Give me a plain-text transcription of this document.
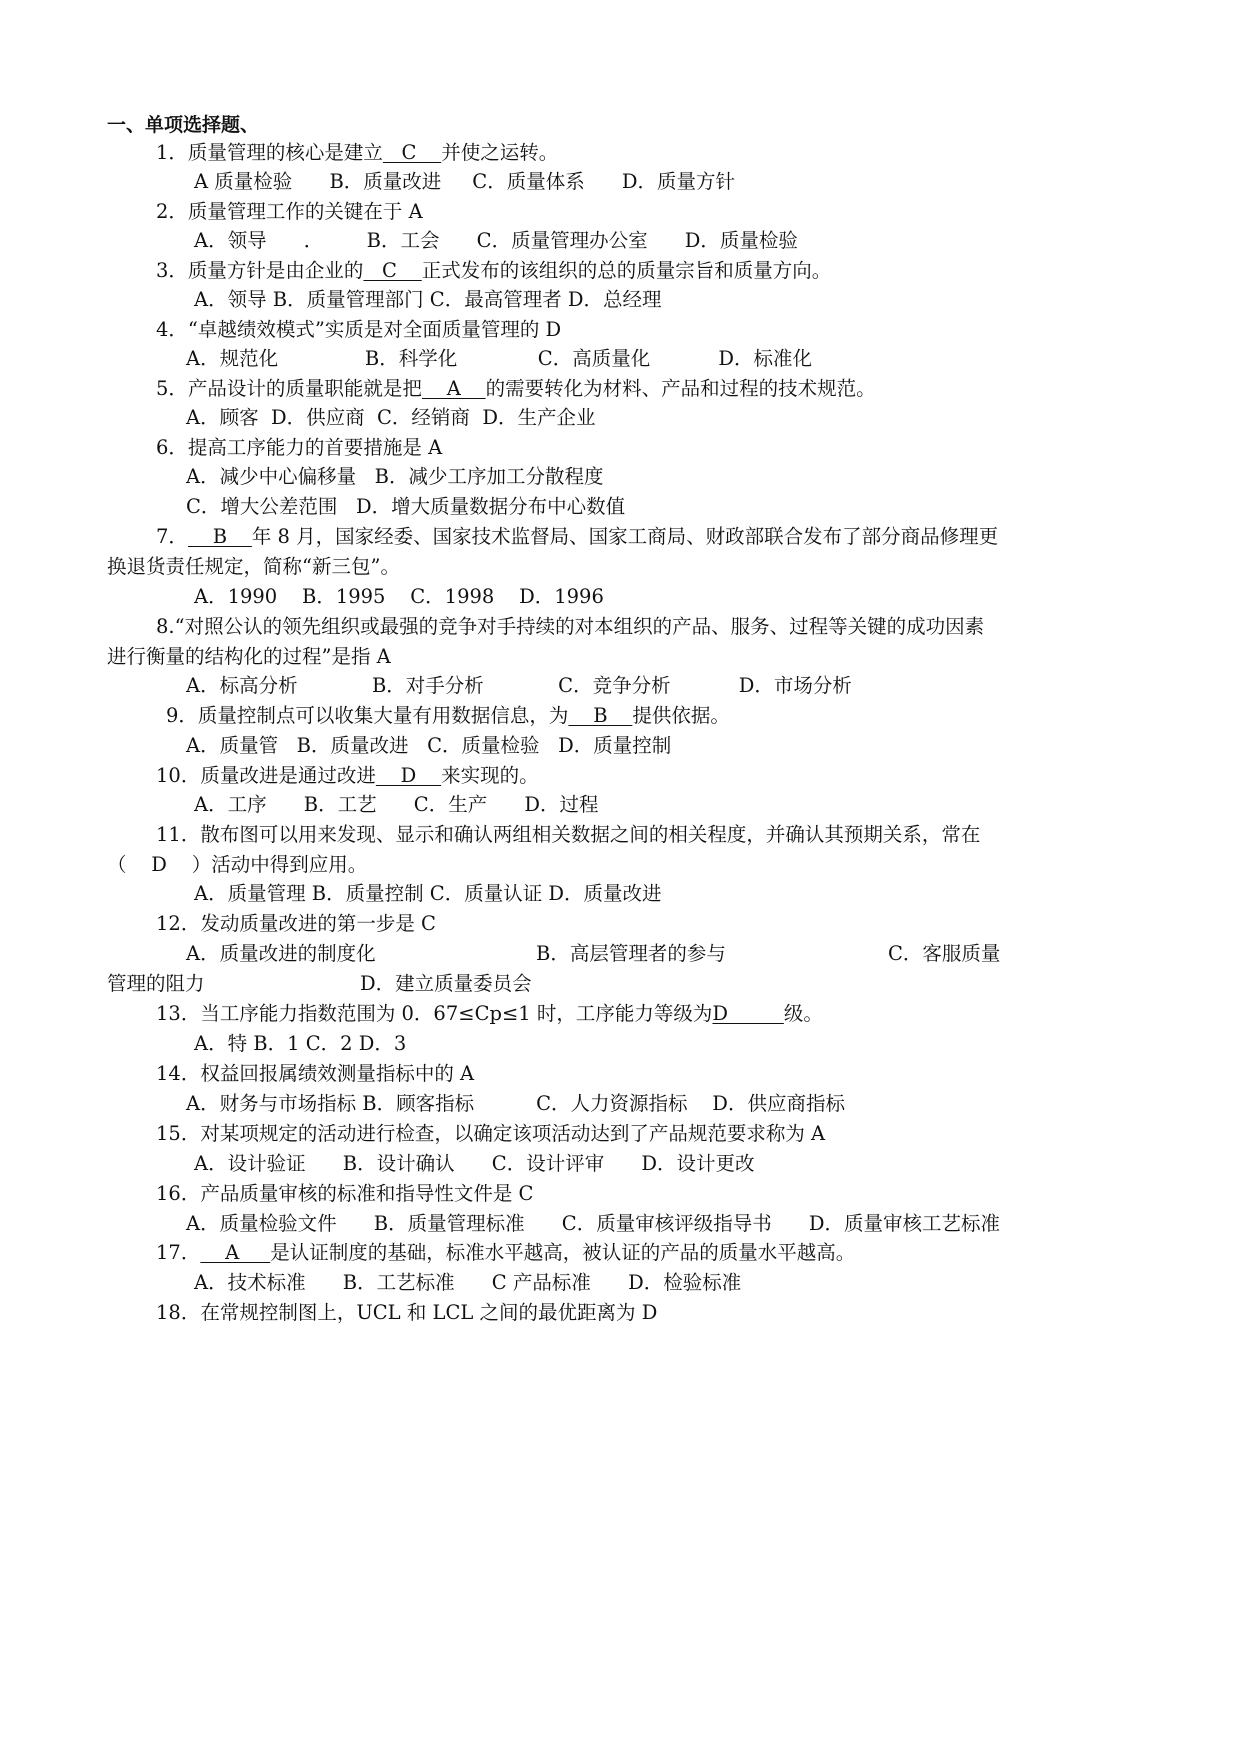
一、单项选择题、
1．质量管理的核心是建立   C    并使之运转。
A 质量检验      B．质量改进     C．质量体系      D．质量方针
2．质量管理工作的关键在于 A
A．领导      ．       B．工会      C．质量管理办公室      D．质量检验
3．质量方针是由企业的   C    正式发布的该组织的总的质量宗旨和质量方向。
A．领导 B．质量管理部门 C．最高管理者 D．总经理
4．“卓越绩效模式”实质是对全面质量管理的 D
A．规范化              B．科学化             C．高质量化           D．标准化
5．产品设计的质量职能就是把    A    的需要转化为材料、产品和过程的技术规范。
A．顾客  D．供应商  C．经销商  D．生产企业
6．提高工序能力的首要措施是 A
A．减少中心偏移量   B．减少工序加工分散程度
C．增大公差范围   D．增大质量数据分布中心数值
7．    B    年 8 月，国家经委、国家技术监督局、国家工商局、财政部联合发布了部分商品修理更
换退货责任规定，简称“新三包”。
A．1990    B．1995    C．1998    D．1996
8.“对照公认的领先组织或最强的竞争对手持续的对本组织的产品、服务、过程等关键的成功因素
进行衡量的结构化的过程”是指 A
A．标高分析            B．对手分析            C．竞争分析           D．市场分析
9．质量控制点可以收集大量有用数据信息，为    B    提供依据。
A．质量管   B．质量改进   C．质量检验   D．质量控制
10．质量改进是通过改进    D    来实现的。
A．工序      B．工艺      C．生产      D．过程
11．散布图可以用来发现、显示和确认两组相关数据之间的相关程度，并确认其预期关系，常在
（    D    ）活动中得到应用。
A．质量管理 B．质量控制 C．质量认证 D．质量改进
12．发动质量改进的第一步是 C
A．质量改进的制度化	B．高层管理者的参与	C．客服质量
管理的阻力	D．建立质量委员会
13．当工序能力指数范围为 0．67≤Cp≤1 时，工序能力等级为D         级。
A．特 B．1 C．2 D．3
14．权益回报属绩效测量指标中的 A
A．财务与市场指标 B．顾客指标          C．人力资源指标    D．供应商指标
15．对某项规定的活动进行检查，以确定该项活动达到了产品规范要求称为 A
A．设计验证      B．设计确认      C．设计评审      D．设计更改
16．产品质量审核的标准和指导性文件是 C
A．质量检验文件      B．质量管理标准      C．质量审核评级指导书      D．质量审核工艺标准
17．    A     是认证制度的基础，标准水平越高，被认证的产品的质量水平越高。
A．技术标准      B．工艺标准      C 产品标准      D．检验标准
18．在常规控制图上，UCL 和 LCL 之间的最优距离为 D
